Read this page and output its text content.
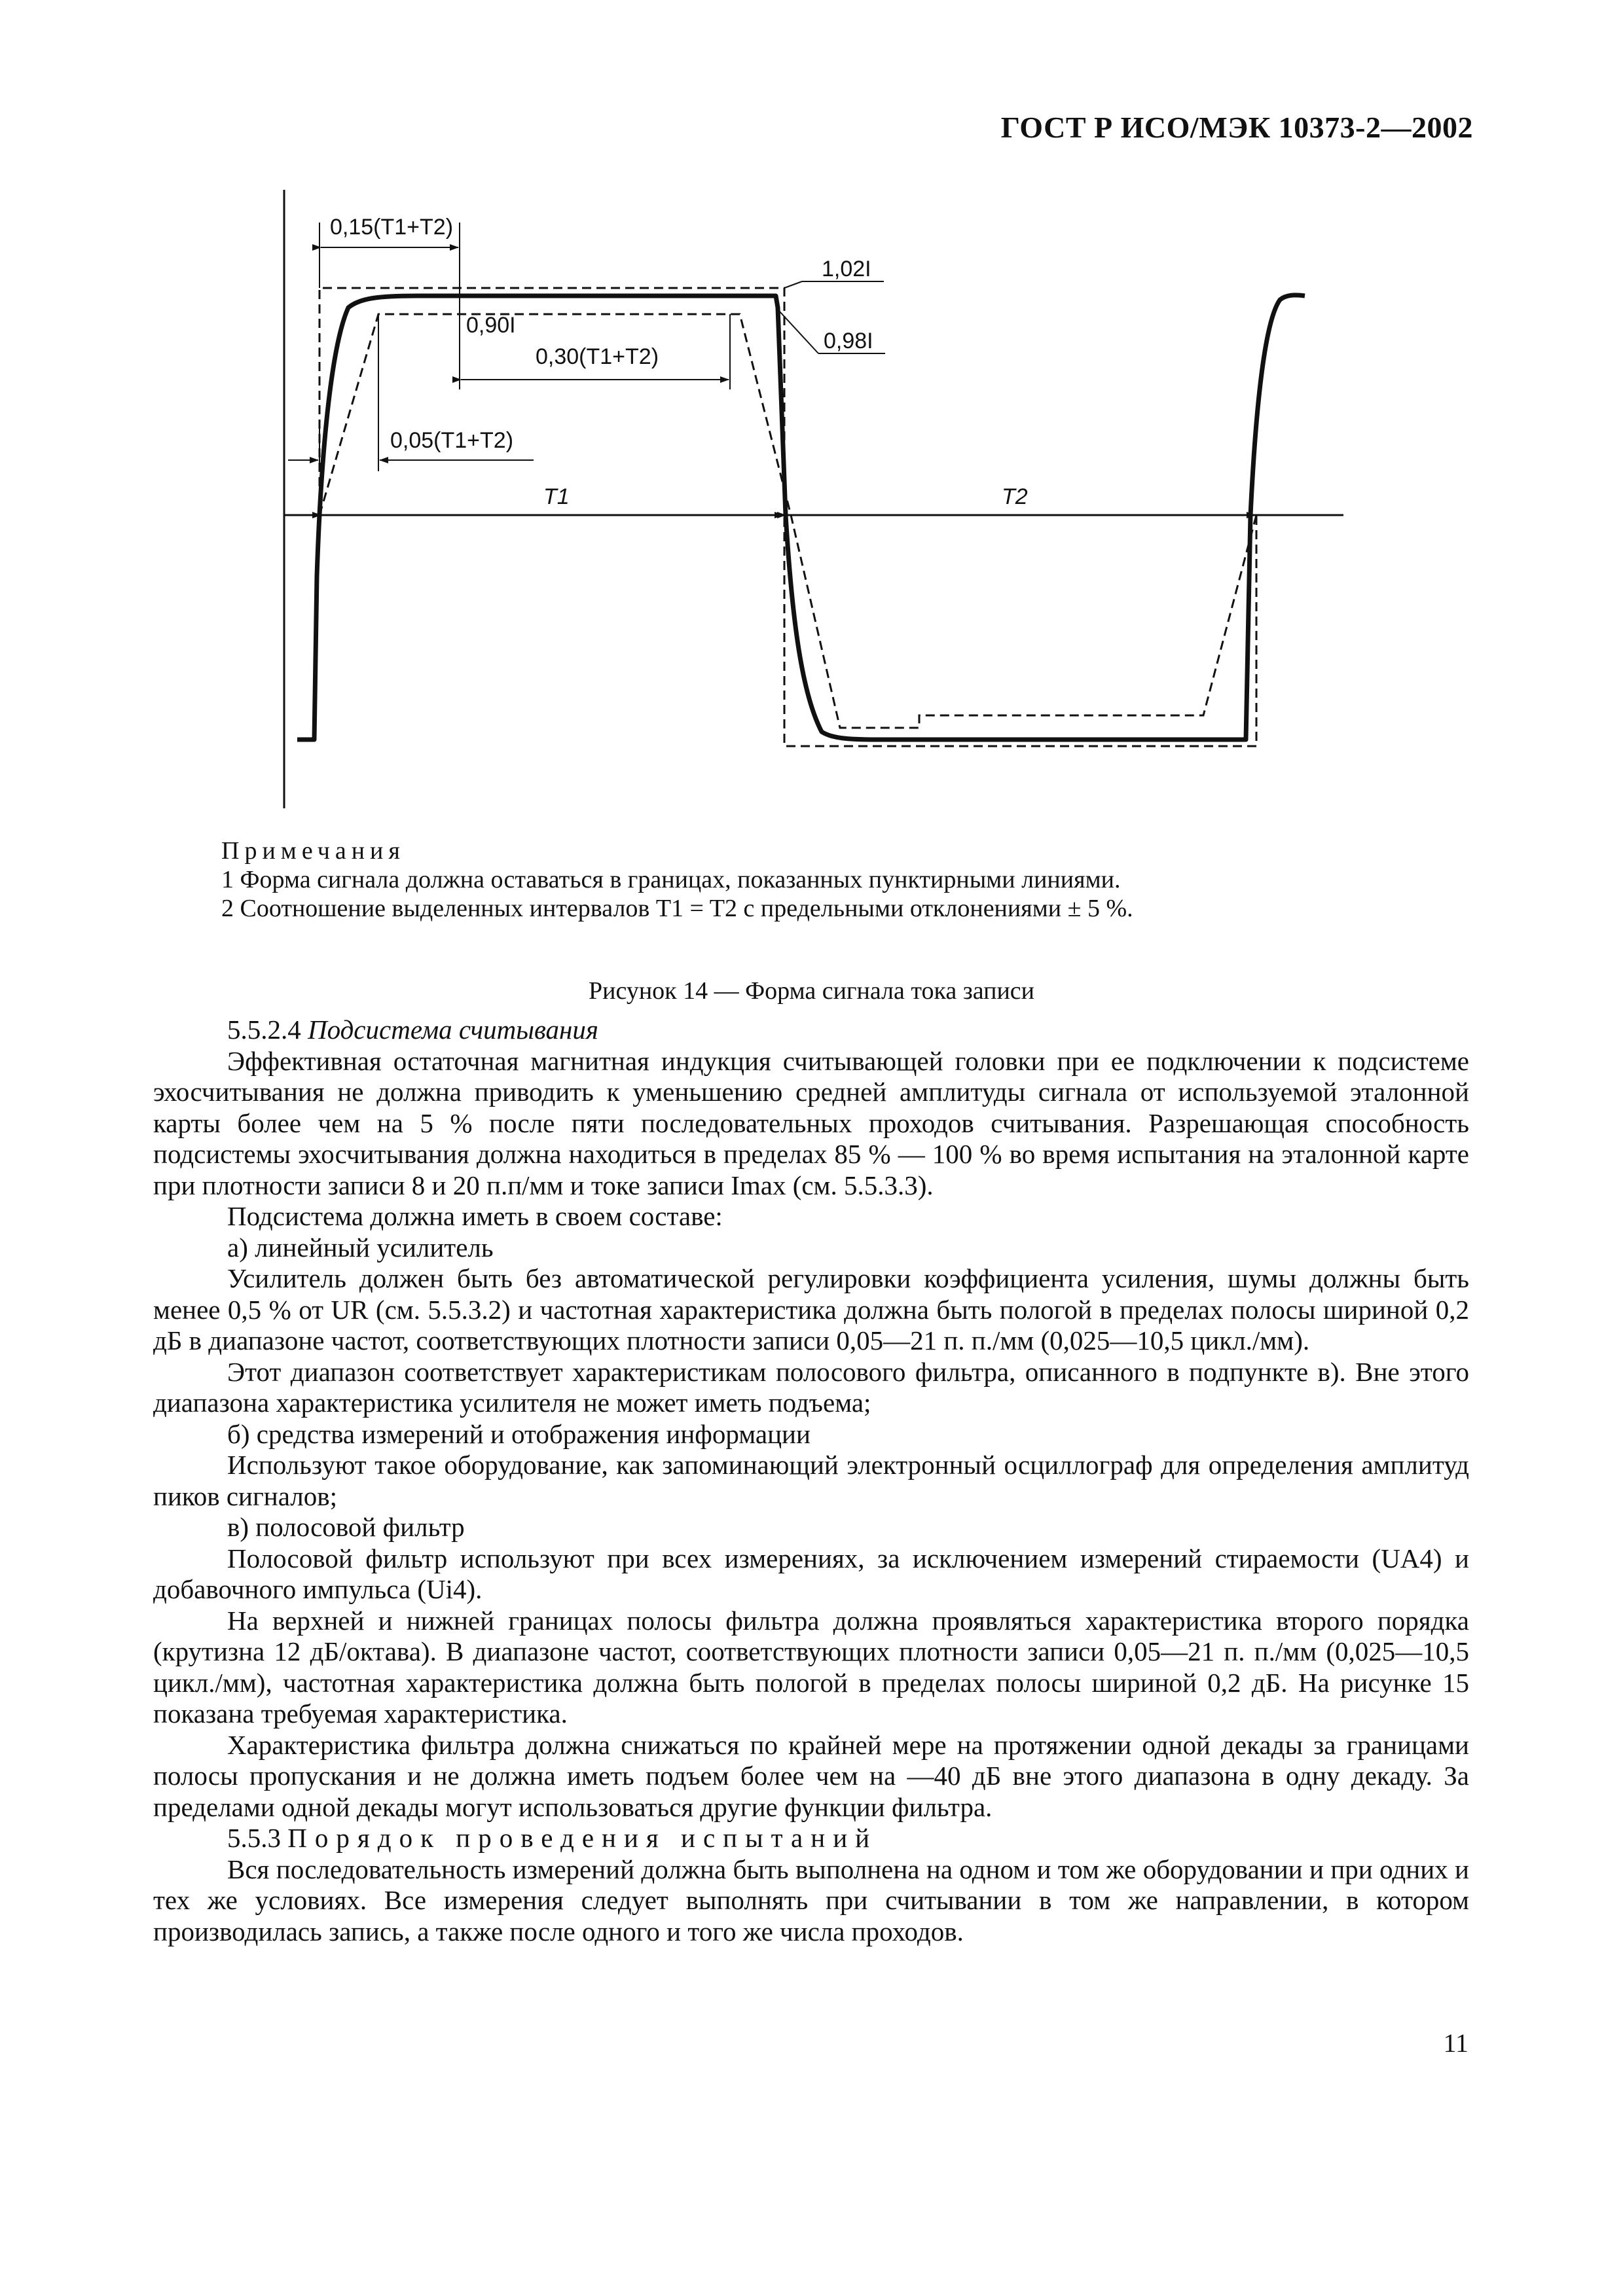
ГОСТ Р ИСО/МЭК 10373-2—2002
0,15(T1+T2)
0,30(T1+T2)
0,90I
1,02I
0,98I
0,05(T1+T2)
T1	T2
Примечания
1 Форма сигнала должна оставаться в границах, показанных пунктирными линиями.
2 Соотношение выделенных интервалов T1 = T2 с предельными отклонениями ± 5 %.
Рисунок 14 — Форма сигнала тока записи

5.5.2.4 Подсистема считывания

Эффективная остаточная магнитная индукция считывающей головки при ее подключении к подсистеме эхосчитывания не должна приводить к уменьшению средней амплитуды сигнала от используемой эталонной карты более чем на 5 % после пяти последовательных проходов считывания. Разрешающая способность подсистемы эхосчитывания должна находиться в пределах 85 % — 100 % во время испытания на эталонной карте при плотности записи 8 и 20 п.п/мм и токе записи Imax (см. 5.5.3.3).

Подсистема должна иметь в своем составе:

а) линейный усилитель

Усилитель должен быть без автоматической регулировки коэффициента усиления, шумы должны быть менее 0,5 % от UR (см. 5.5.3.2) и частотная характеристика должна быть пологой в пределах полосы шириной 0,2 дБ в диапазоне частот, соответствующих плотности записи 0,05—21 п. п./мм (0,025—10,5 цикл./мм).

Этот диапазон соответствует характеристикам полосового фильтра, описанного в подпункте в). Вне этого диапазона характеристика усилителя не может иметь подъема;

б) средства измерений и отображения информации

Используют такое оборудование, как запоминающий электронный осциллограф для определения амплитуд пиков сигналов;

в) полосовой фильтр

Полосовой фильтр используют при всех измерениях, за исключением измерений стираемости (UA4) и добавочного импульса (Ui4).

На верхней и нижней границах полосы фильтра должна проявляться характеристика второго порядка (крутизна 12 дБ/октава). В диапазоне частот, соответствующих плотности записи 0,05—21 п. п./мм (0,025—10,5 цикл./мм), частотная характеристика должна быть пологой в пределах полосы шириной 0,2 дБ. На рисунке 15 показана требуемая характеристика.

Характеристика фильтра должна снижаться по крайней мере на протяжении одной декады за границами полосы пропускания и не должна иметь подъем более чем на —40 дБ вне этого диапазона в одну декаду. За пределами одной декады могут использоваться другие функции фильтра.

5.5.3 Порядок проведения испытаний

Вся последовательность измерений должна быть выполнена на одном и том же оборудовании и при одних и тех же условиях. Все измерения следует выполнять при считывании в том же направлении, в котором производилась запись, а также после одного и того же числа проходов.

11
